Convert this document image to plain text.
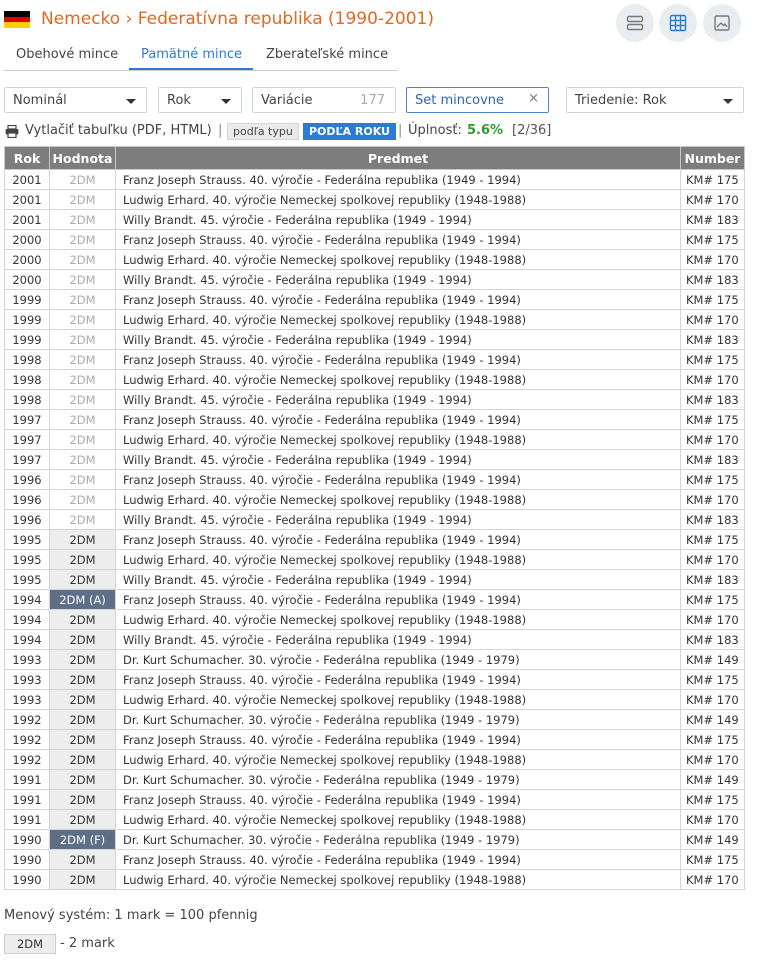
Nemecko › Federatívna republika (1990-2001)
Obehové mince Pamätné mince Zberateľské mince
Nominál	Rok	Variácie	177 Set mincovne ×	Triedenie: Rok
Vytlačiť tabuľku (PDF, HTML) | podľa typu	PODĽA ROKU | Úplnosť: 5.6% [2/36]
Rok	Hodnota	Predmet	Number
2001	2DM	Franz Joseph Strauss. 40. výročie - Federálna republika (1949 - 1994)	KM# 175
2001	2DM	Ludwig Erhard. 40. výročie Nemeckej spolkovej republiky (1948-1988)	KM# 170
2001	2DM	Willy Brandt. 45. výročie - Federálna republika (1949 - 1994)	KM# 183
2000	2DM	Franz Joseph Strauss. 40. výročie - Federálna republika (1949 - 1994)	KM# 175
2000	2DM	Ludwig Erhard. 40. výročie Nemeckej spolkovej republiky (1948-1988)	KM# 170
2000	2DM	Willy Brandt. 45. výročie - Federálna republika (1949 - 1994)	KM# 183
1999	2DM	Franz Joseph Strauss. 40. výročie - Federálna republika (1949 - 1994)	KM# 175
1999	2DM	Ludwig Erhard. 40. výročie Nemeckej spolkovej republiky (1948-1988)	KM# 170
1999	2DM	Willy Brandt. 45. výročie - Federálna republika (1949 - 1994)	KM# 183
1998	2DM	Franz Joseph Strauss. 40. výročie - Federálna republika (1949 - 1994)	KM# 175
1998	2DM	Ludwig Erhard. 40. výročie Nemeckej spolkovej republiky (1948-1988)	KM# 170
1998	2DM	Willy Brandt. 45. výročie - Federálna republika (1949 - 1994)	KM# 183
1997	2DM	Franz Joseph Strauss. 40. výročie - Federálna republika (1949 - 1994)	KM# 175
1997	2DM	Ludwig Erhard. 40. výročie Nemeckej spolkovej republiky (1948-1988)	KM# 170
1997	2DM	Willy Brandt. 45. výročie - Federálna republika (1949 - 1994)	KM# 183
1996	2DM	Franz Joseph Strauss. 40. výročie - Federálna republika (1949 - 1994)	KM# 175
1996	2DM	Ludwig Erhard. 40. výročie Nemeckej spolkovej republiky (1948-1988)	KM# 170
1996	2DM	Willy Brandt. 45. výročie - Federálna republika (1949 - 1994)	KM# 183
1995	2DM	Franz Joseph Strauss. 40. výročie - Federálna republika (1949 - 1994)	KM# 175
1995	2DM	Ludwig Erhard. 40. výročie Nemeckej spolkovej republiky (1948-1988)	KM# 170
1995	2DM	Willy Brandt. 45. výročie - Federálna republika (1949 - 1994)	KM# 183
1994	2DM (A)	Franz Joseph Strauss. 40. výročie - Federálna republika (1949 - 1994)	KM# 175
1994	2DM	Ludwig Erhard. 40. výročie Nemeckej spolkovej republiky (1948-1988)	KM# 170
1994	2DM	Willy Brandt. 45. výročie - Federálna republika (1949 - 1994)	KM# 183
1993	2DM	Dr. Kurt Schumacher. 30. výročie - Federálna republika (1949 - 1979)	KM# 149
1993	2DM	Franz Joseph Strauss. 40. výročie - Federálna republika (1949 - 1994)	KM# 175
1993	2DM	Ludwig Erhard. 40. výročie Nemeckej spolkovej republiky (1948-1988)	KM# 170
1992	2DM	Dr. Kurt Schumacher. 30. výročie - Federálna republika (1949 - 1979)	KM# 149
1992	2DM	Franz Joseph Strauss. 40. výročie - Federálna republika (1949 - 1994)	KM# 175
1992	2DM	Ludwig Erhard. 40. výročie Nemeckej spolkovej republiky (1948-1988)	KM# 170
1991	2DM	Dr. Kurt Schumacher. 30. výročie - Federálna republika (1949 - 1979)	KM# 149
1991	2DM	Franz Joseph Strauss. 40. výročie - Federálna republika (1949 - 1994)	KM# 175
1991	2DM	Ludwig Erhard. 40. výročie Nemeckej spolkovej republiky (1948-1988)	KM# 170
1990	2DM (F)	Dr. Kurt Schumacher. 30. výročie - Federálna republika (1949 - 1979)	KM# 149
1990	2DM	Franz Joseph Strauss. 40. výročie - Federálna republika (1949 - 1994)	KM# 175
1990	2DM	Ludwig Erhard. 40. výročie Nemeckej spolkovej republiky (1948-1988)	KM# 170
Menový systém: 1 mark = 100 pfennig
2DM	- 2 mark
